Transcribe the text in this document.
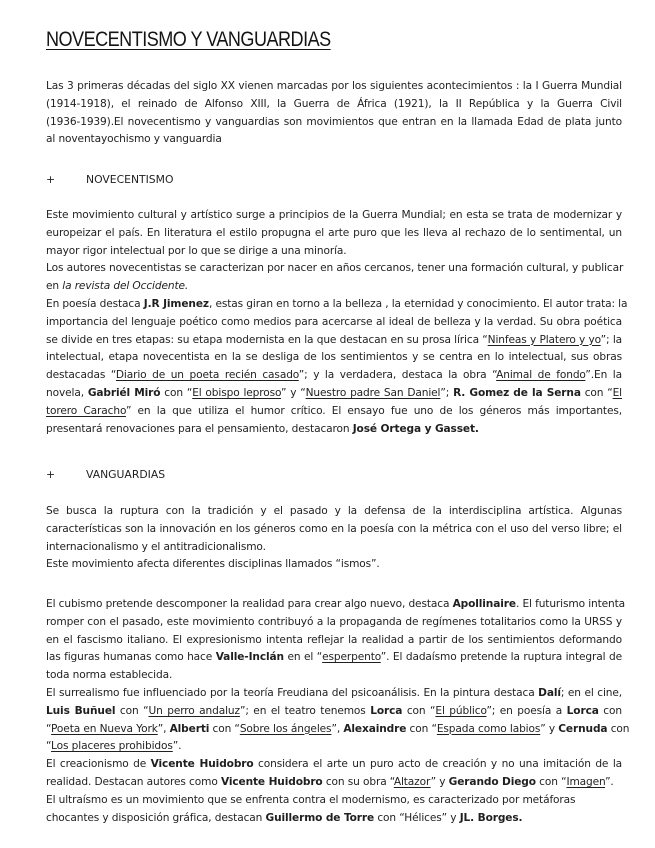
NOVECENTISMO Y VANGUARDIAS
Las 3 primeras décadas del siglo XX vienen marcadas por los siguientes acontecimientos : la I Guerra Mundial
(1914-1918), el reinado de Alfonso XIII, la Guerra de África (1921), la II República y la Guerra Civil
(1936-1939).El novecentismo y vanguardias son movimientos que entran en la llamada Edad de plata junto
al noventayochismo y vanguardia
+	NOVECENTISMO
Este movimiento cultural y artístico surge a principios de la Guerra Mundial; en esta se trata de modernizar y
europeizar el país. En literatura el estilo propugna el arte puro que les lleva al rechazo de lo sentimental, un
mayor rigor intelectual por lo que se dirige a una minoría.
Los autores novecentistas se caracterizan por nacer en años cercanos, tener una formación cultural, y publicar
en la revista del Occidente.
En poesía destaca J.R Jimenez, estas giran en torno a la belleza , la eternidad y conocimiento. El autor trata: la
importancia del lenguaje poético como medios para acercarse al ideal de belleza y la verdad. Su obra poética
se divide en tres etapas: su etapa modernista en la que destacan en su prosa lírica “Ninfeas y Platero y yo”; la
intelectual, etapa novecentista en la se desliga de los sentimientos y se centra en lo intelectual, sus obras
destacadas “Diario de un poeta recién casado”; y la verdadera, destaca la obra “Animal de fondo”.En la
novela, Gabriél Miró con “El obispo leproso” y “Nuestro padre San Daniel”; R. Gomez de la Serna con “El
torero Caracho” en la que utiliza el humor crítico. El ensayo fue uno de los géneros más importantes,
presentará renovaciones para el pensamiento, destacaron José Ortega y Gasset.
+	VANGUARDIAS
Se busca la ruptura con la tradición y el pasado y la defensa de la interdisciplina artística. Algunas
características son la innovación en los géneros como en la poesía con la métrica con el uso del verso libre; el
internacionalismo y el antitradicionalismo.
Este movimiento afecta diferentes disciplinas llamados “ismos”.
El cubismo pretende descomponer la realidad para crear algo nuevo, destaca Apollinaire. El futurismo intenta
romper con el pasado, este movimiento contribuyó a la propaganda de regímenes totalitarios como la URSS y
en el fascismo italiano. El expresionismo intenta reflejar la realidad a partir de los sentimientos deformando
las figuras humanas como hace Valle-Inclán en el “esperpento”. El dadaísmo pretende la ruptura integral de
toda norma establecida.
El surrealismo fue influenciado por la teoría Freudiana del psicoanálisis. En la pintura destaca Dalí; en el cine,
Luis Buñuel con “Un perro andaluz”; en el teatro tenemos Lorca con “El público”; en poesía a Lorca con
“Poeta en Nueva York”, Alberti con “Sobre los ángeles”, Alexaindre con “Espada como labios” y Cernuda con
“Los placeres prohibidos”.
El creacionismo de Vicente Huidobro considera el arte un puro acto de creación y no una imitación de la
realidad. Destacan autores como Vicente Huidobro con su obra “Altazor” y Gerando Diego con “Imagen”.
El ultraísmo es un movimiento que se enfrenta contra el modernismo, es caracterizado por metáforas
chocantes y disposición gráfica, destacan Guillermo de Torre con “Hélices” y JL. Borges.
